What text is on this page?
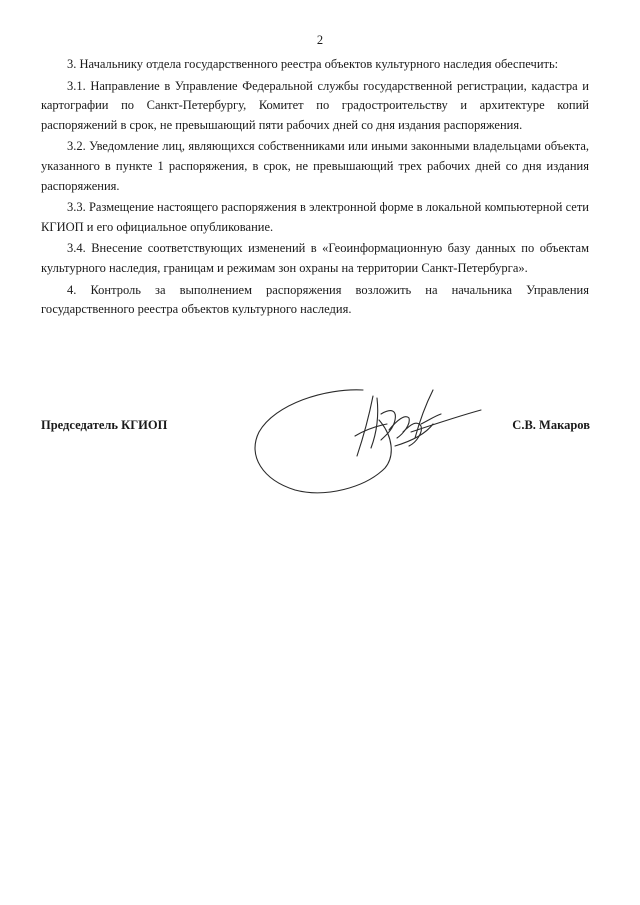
2

3. Начальнику отдела государственного реестра объектов культурного наследия обеспечить:

3.1. Направление в Управление Федеральной службы государственной регистрации, кадастра и картографии по Санкт-Петербургу, Комитет по градостроительству и архитектуре копий распоряжений в срок, не превышающий пяти рабочих дней со дня издания распоряжения.

3.2. Уведомление лиц, являющихся собственниками или иными законными владельцами объекта, указанного в пункте 1 распоряжения, в срок, не превышающий трех рабочих дней со дня издания распоряжения.

3.3. Размещение настоящего распоряжения в электронной форме в локальной компьютерной сети КГИОП и его официальное опубликование.

3.4. Внесение соответствующих изменений в «Геоинформационную базу данных по объектам культурного наследия, границам и режимам зон охраны на территории Санкт-Петербурга».

4. Контроль за выполнением распоряжения возложить на начальника Управления государственного реестра объектов культурного наследия.

Председатель КГИОП	С.В. Макаров
